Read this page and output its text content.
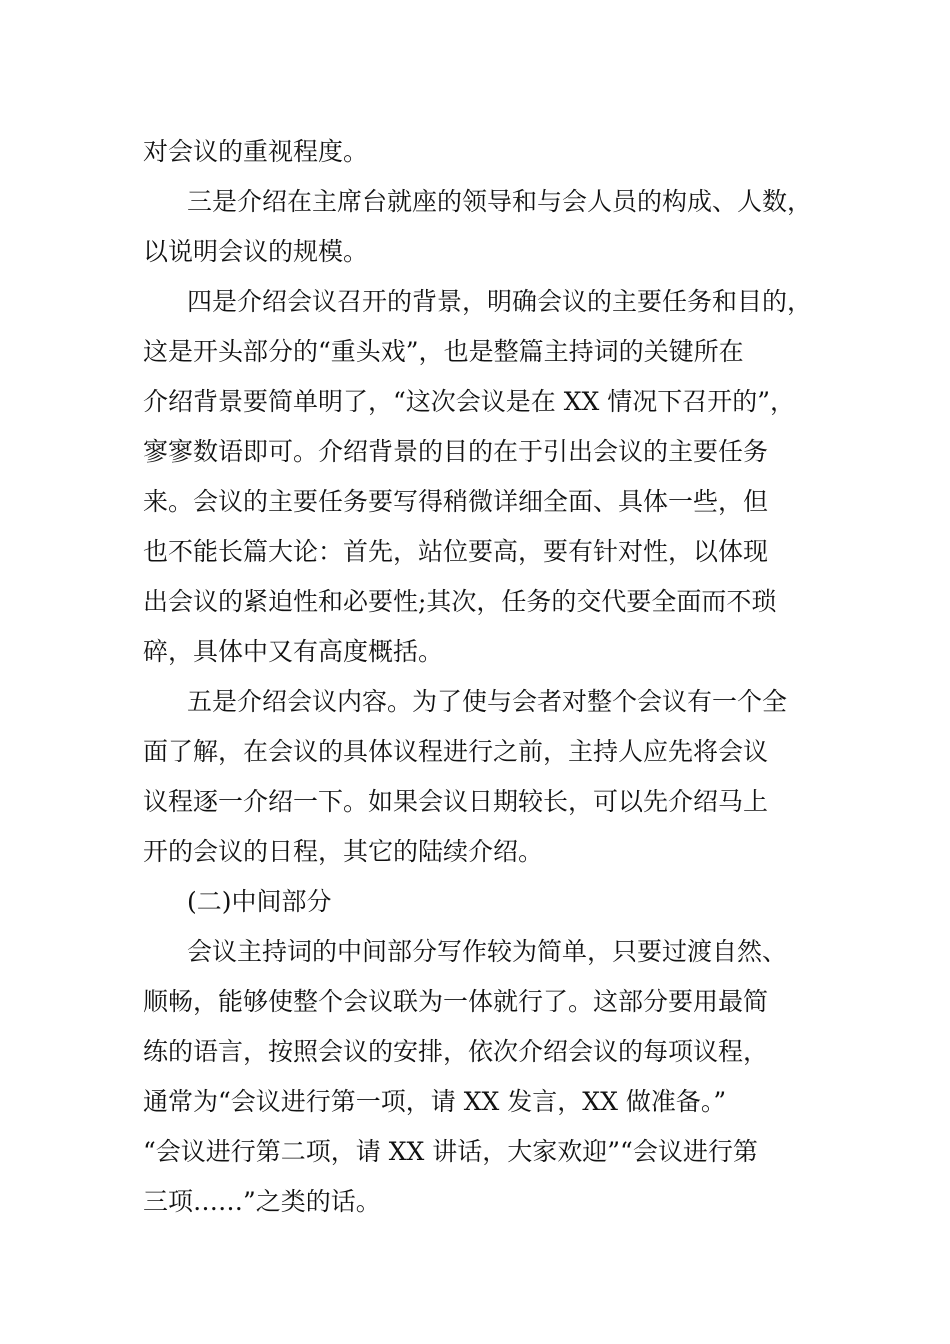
对会议的重视程度。
三是介绍在主席台就座的领导和与会人员的构成、人数，
以说明会议的规模。
四是介绍会议召开的背景，明确会议的主要任务和目的，
这是开头部分的“重头戏”，也是整篇主持词的关键所在
介绍背景要简单明了，“这次会议是在 XX 情况下召开的”，
寥寥数语即可。介绍背景的目的在于引出会议的主要任务
来。会议的主要任务要写得稍微详细全面、具体一些，但
也不能长篇大论：首先，站位要高，要有针对性，以体现
出会议的紧迫性和必要性;其次，任务的交代要全面而不琐
碎，具体中又有高度概括。
五是介绍会议内容。为了使与会者对整个会议有一个全
面了解，在会议的具体议程进行之前，主持人应先将会议
议程逐一介绍一下。如果会议日期较长，可以先介绍马上
开的会议的日程，其它的陆续介绍。
(二)中间部分
会议主持词的中间部分写作较为简单，只要过渡自然、
顺畅，能够使整个会议联为一体就行了。这部分要用最简
练的语言，按照会议的安排，依次介绍会议的每项议程，
通常为“会议进行第一项，请 XX 发言，XX 做准备。”
“会议进行第二项，请 XX 讲话，大家欢迎”“会议进行第
三项……”之类的话。
